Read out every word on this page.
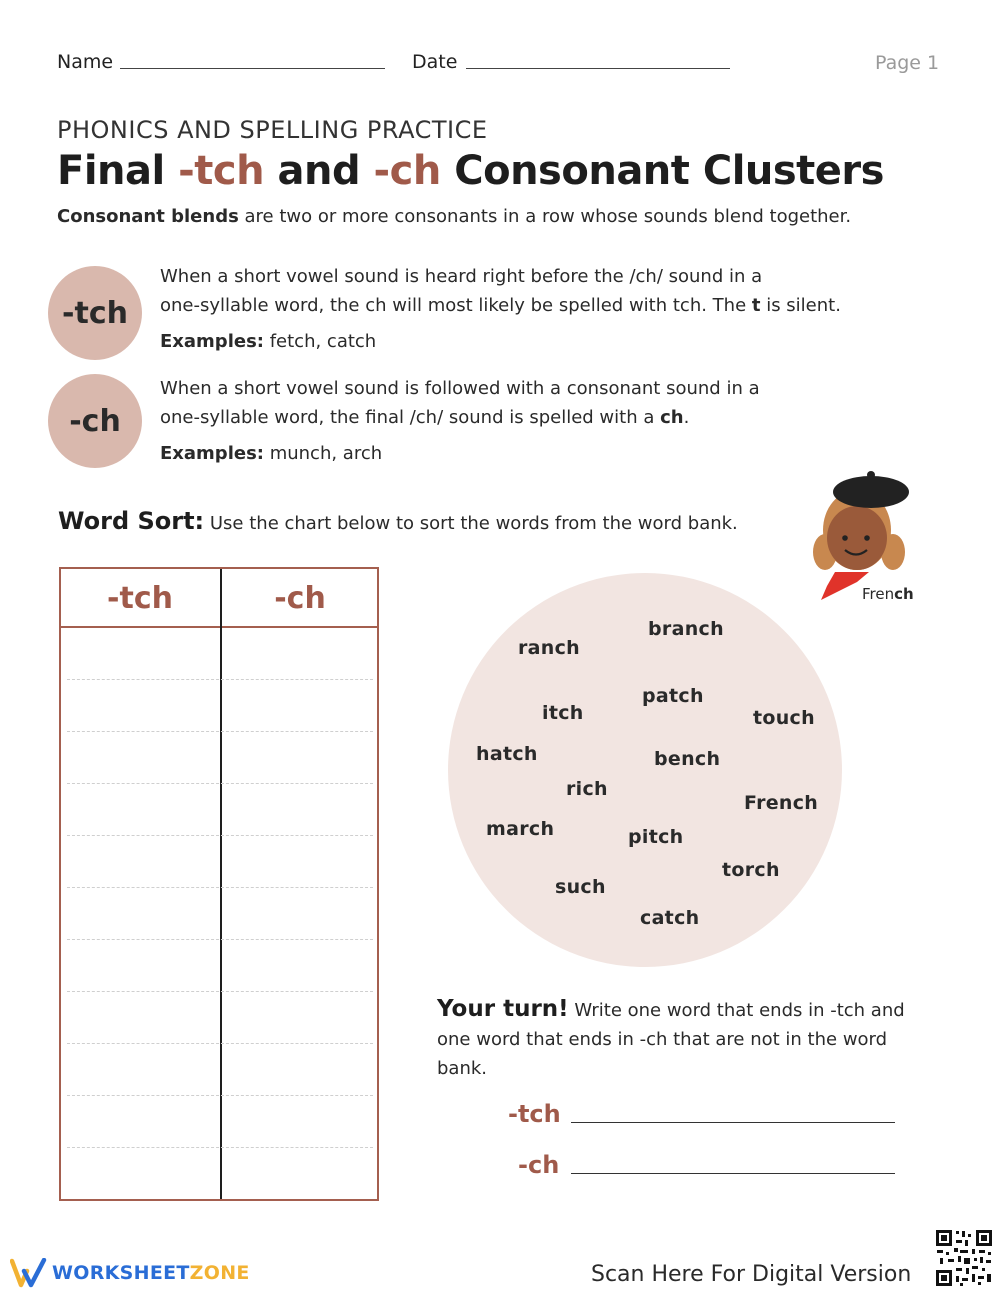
Name	Date	Page 1
PHONICS AND SPELLING PRACTICE
Final -tch and -ch Consonant Clusters
Consonant blends are two or more consonants in a row whose sounds blend together.
-tch

When a short vowel sound is heard right before the /ch/ sound in a

one-syllable word, the ch will most likely be spelled with tch. The t is silent.

Examples: fetch, catch

-ch

When a short vowel sound is followed with a consonant sound in a

one-syllable word, the final /ch/ sound is spelled with a ch.

Examples: munch, arch

Word Sort: Use the chart below to sort the words from the word bank.
French
-tch	-ch
branch
ranch
patch
itch	touch
hatch	bench
rich
French
march	pitch
torch
such
catch
Your turn! Write one word that ends in -tch and one word that ends in -ch that are not in the word bank.
-tch
-ch
WORKSHEETZONE	Scan Here For Digital Version
